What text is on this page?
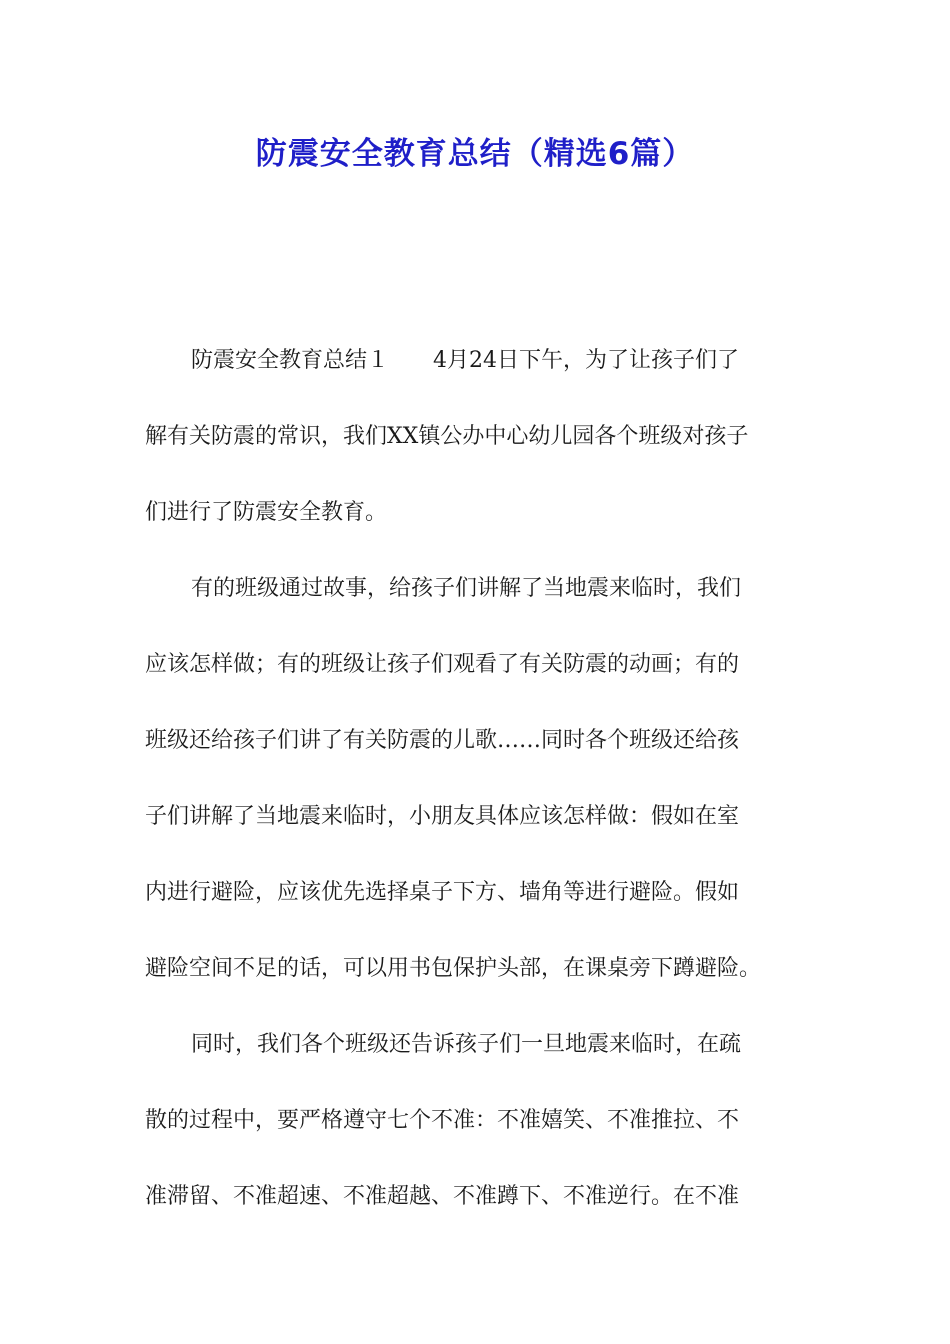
防震安全教育总结（精选6篇）
防震安全教育总结１ 4月24日下午，为了让孩子们了
解有关防震的常识，我们XX镇公办中心幼儿园各个班级对孩子
们进行了防震安全教育。
有的班级通过故事，给孩子们讲解了当地震来临时，我们
应该怎样做；有的班级让孩子们观看了有关防震的动画；有的
班级还给孩子们讲了有关防震的儿歌……同时各个班级还给孩
子们讲解了当地震来临时，小朋友具体应该怎样做：假如在室
内进行避险，应该优先选择桌子下方、墙角等进行避险。假如
避险空间不足的话，可以用书包保护头部，在课桌旁下蹲避险。
同时，我们各个班级还告诉孩子们一旦地震来临时，在疏
散的过程中，要严格遵守七个不准：不准嬉笑、不准推拉、不
准滞留、不准超速、不准超越、不准蹲下、不准逆行。在不准
